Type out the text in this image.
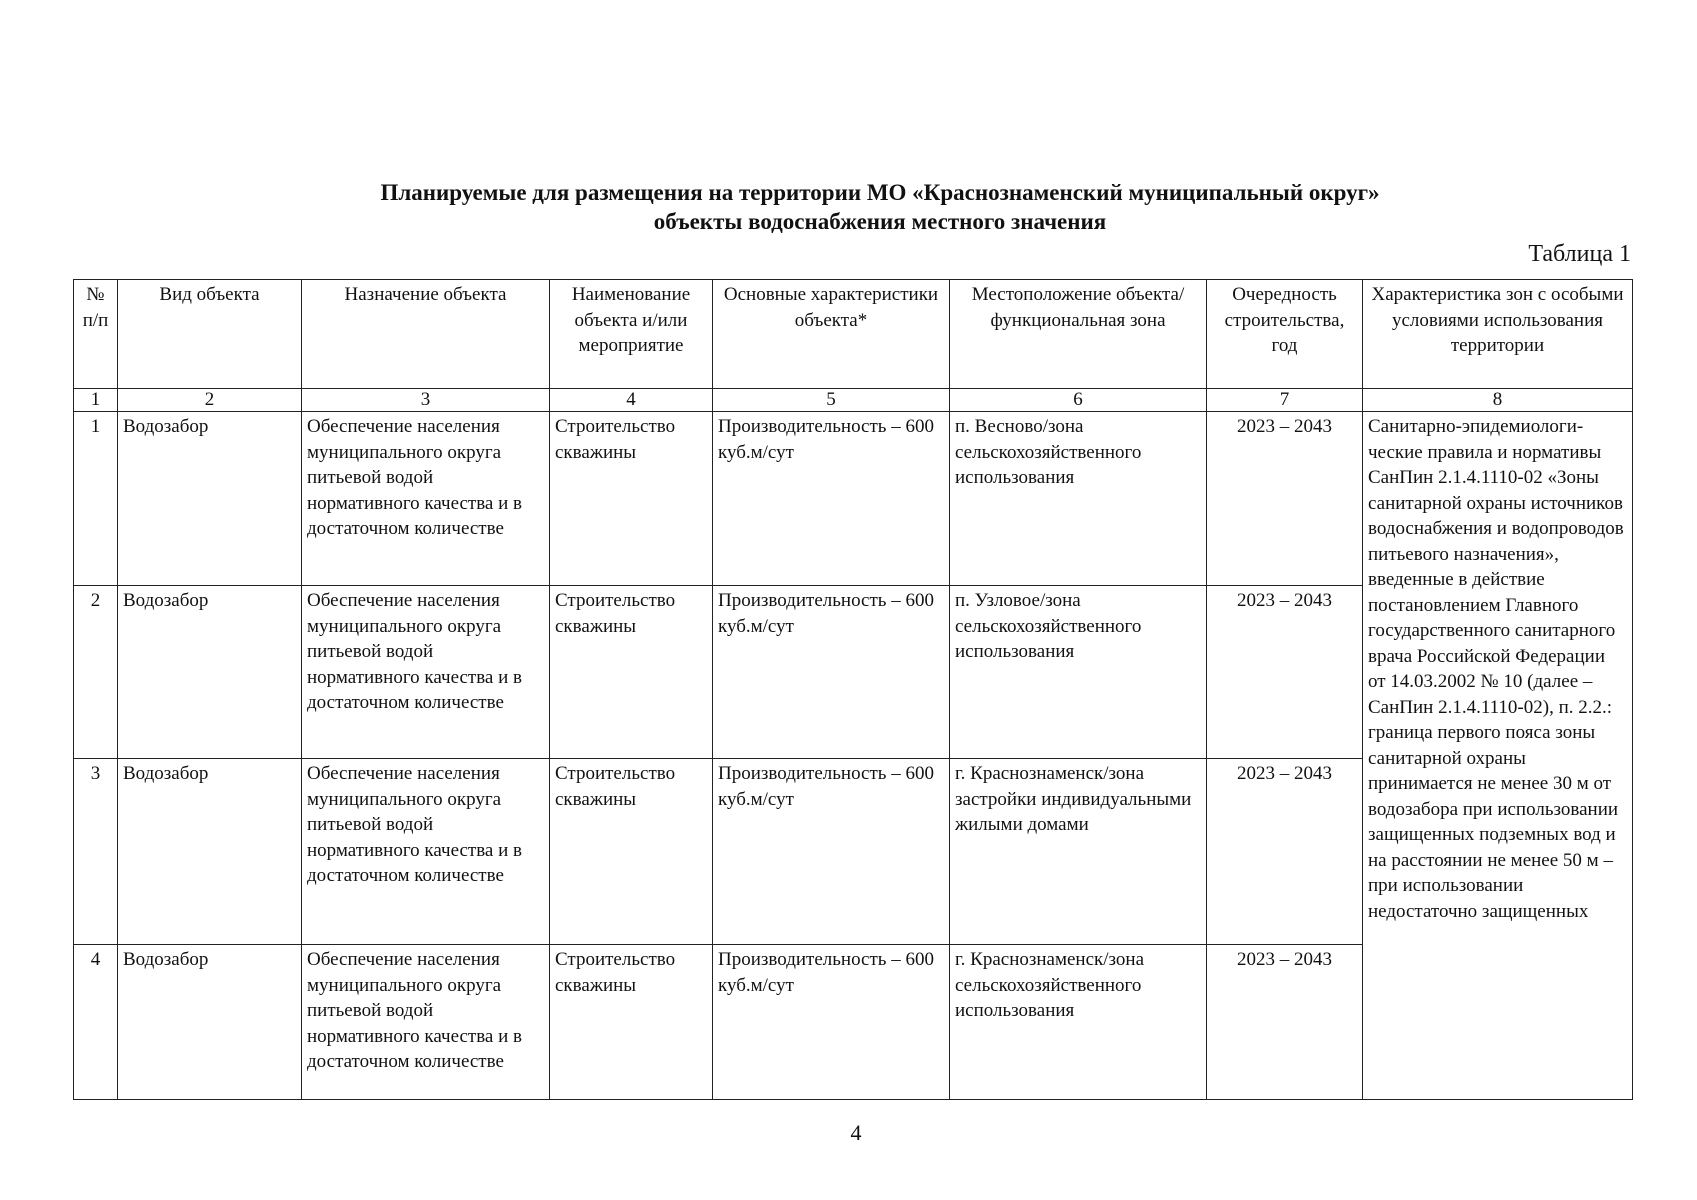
Планируемые для размещения на территории МО «Краснознаменский муниципальный округ»
объекты водоснабжения местного значения
Таблица 1
№ п/п	Вид объекта	Назначение объекта	Наименование объекта и/или мероприятие	Основные характеристики объекта*	Местоположение объекта/ функциональная зона	Очередность строительства, год	Характеристика зон с особыми условиями использования территории
1	2	3	4	5	6	7	8
1	Водозабор	Обеспечение населения муниципального округа питьевой водой нормативного качества и в достаточном количестве	Строительство скважины	Производительность – 600 куб.м/сут	п. Весново/зона сельскохозяйственного использования	2023 – 2043	Санитарно-эпидемиологи-ческие правила и нормативы СанПин 2.1.4.1110-02 «Зоны санитарной охраны источников водоснабжения и водопроводов питьевого назначения», введенные в действие постановлением Главного государственного санитарного врача Российской Федерации от 14.03.2002 № 10 (далее – СанПин 2.1.4.1110-02), п. 2.2.: граница первого пояса зоны санитарной охраны принимается не менее 30 м от водозабора при использовании защищенных подземных вод и на расстоянии не менее 50 м – при использовании недостаточно защищенных
2	Водозабор	Обеспечение населения муниципального округа питьевой водой нормативного качества и в достаточном количестве	Строительство скважины	Производительность – 600 куб.м/сут	п. Узловое/зона сельскохозяйственного использования	2023 – 2043	
3	Водозабор	Обеспечение населения муниципального округа питьевой водой нормативного качества и в достаточном количестве	Строительство скважины	Производительность – 600 куб.м/сут	г. Краснознаменск/зона застройки индивидуальными жилыми домами	2023 – 2043	
4	Водозабор	Обеспечение населения муниципального округа питьевой водой нормативного качества и в достаточном количестве	Строительство скважины	Производительность – 600 куб.м/сут	г. Краснознаменск/зона сельскохозяйственного использования	2023 – 2043	
4
